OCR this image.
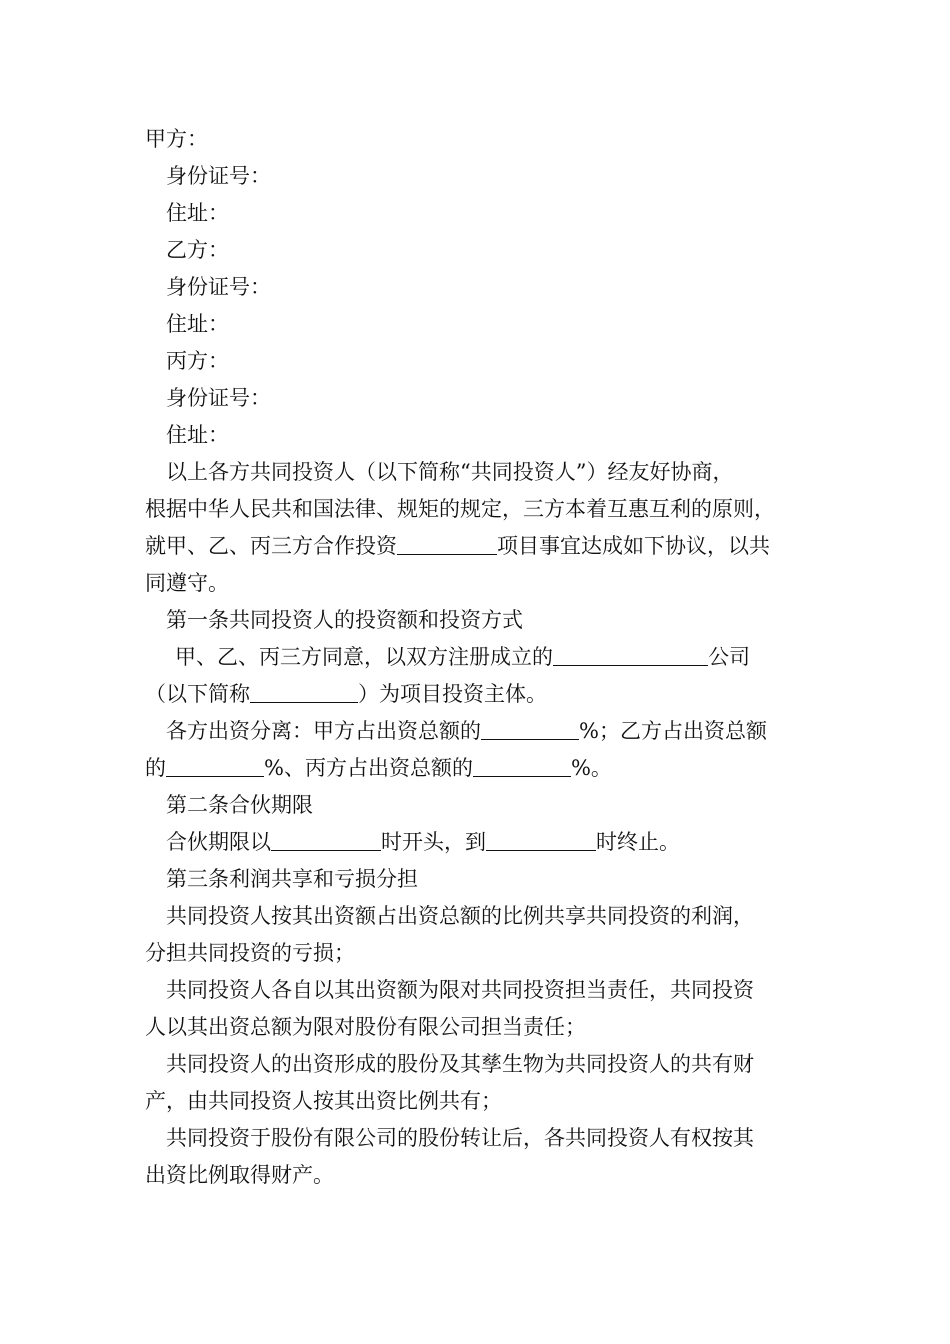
甲方：
身份证号：
住址：
乙方：
身份证号：
住址：
丙方：
身份证号：
住址：
以上各方共同投资人（以下简称“共同投资人”）经友好协商，
根据中华人民共和国法律、规矩的规定，三方本着互惠互利的原则，
就甲、乙、丙三方合作投资	项目事宜达成如下协议，以共
同遵守。
第一条共同投资人的投资额和投资方式
甲、乙、丙三方同意，以双方注册成立的	公司
（以下简称	）为项目投资主体。
各方出资分离：甲方占出资总额的	%；乙方占出资总额
的	%、丙方占出资总额的	%。
第二条合伙期限
合伙期限以	时开头，到	时终止。
第三条利润共享和亏损分担
共同投资人按其出资额占出资总额的比例共享共同投资的利润，
分担共同投资的亏损；
共同投资人各自以其出资额为限对共同投资担当责任，共同投资
人以其出资总额为限对股份有限公司担当责任；
共同投资人的出资形成的股份及其孳生物为共同投资人的共有财
产，由共同投资人按其出资比例共有；
共同投资于股份有限公司的股份转让后，各共同投资人有权按其
出资比例取得财产。
